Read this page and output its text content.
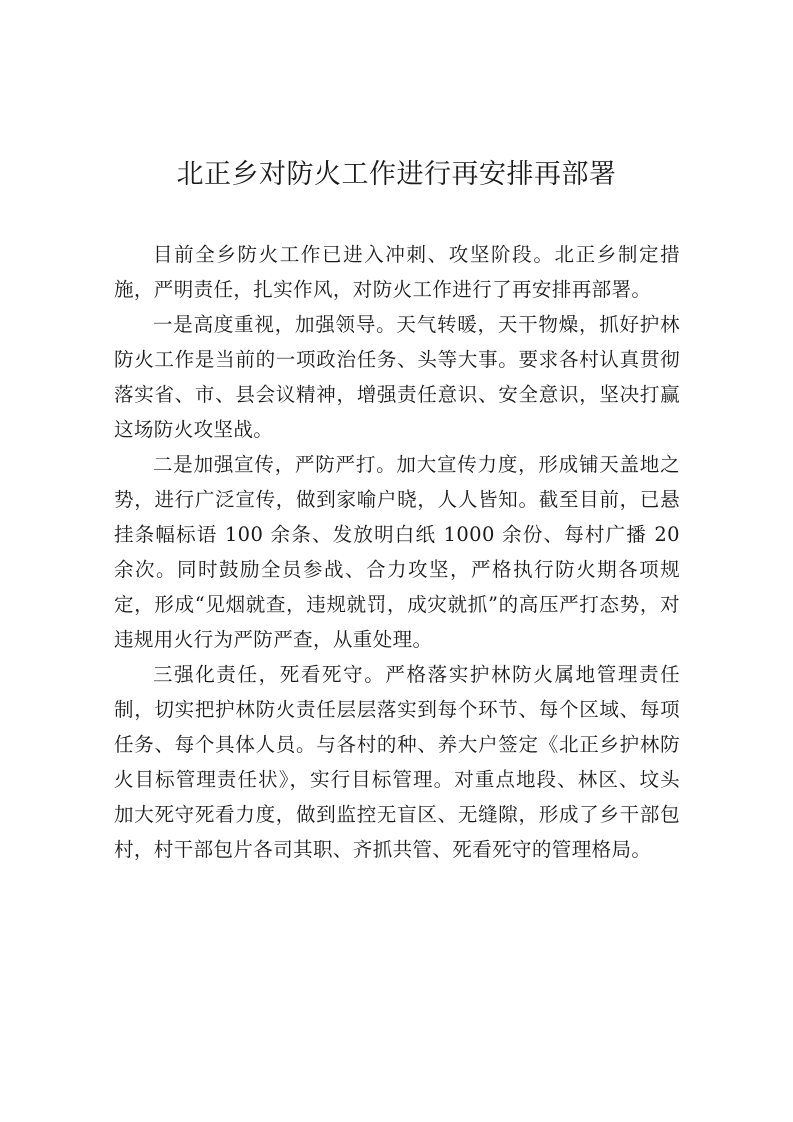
北正乡对防火工作进行再安排再部署

目前全乡防火工作已进入冲刺、攻坚阶段。北正乡制定措施，严明责任，扎实作风，对防火工作进行了再安排再部署。

一是高度重视，加强领导。天气转暖，天干物燥，抓好护林防火工作是当前的一项政治任务、头等大事。要求各村认真贯彻落实省、市、县会议精神，增强责任意识、安全意识，坚决打赢这场防火攻坚战。

二是加强宣传，严防严打。加大宣传力度，形成铺天盖地之势，进行广泛宣传，做到家喻户晓，人人皆知。截至目前，已悬挂条幅标语 100 余条、发放明白纸 1000 余份、每村广播 20 余次。同时鼓励全员参战、合力攻坚，严格执行防火期各项规定，形成“见烟就查，违规就罚，成灾就抓”的高压严打态势，对违规用火行为严防严查，从重处理。

三强化责任，死看死守。严格落实护林防火属地管理责任制，切实把护林防火责任层层落实到每个环节、每个区域、每项任务、每个具体人员。与各村的种、养大户签定《北正乡护林防火目标管理责任状》，实行目标管理。对重点地段、林区、坟头加大死守死看力度，做到监控无盲区、无缝隙，形成了乡干部包村，村干部包片各司其职、齐抓共管、死看死守的管理格局。
